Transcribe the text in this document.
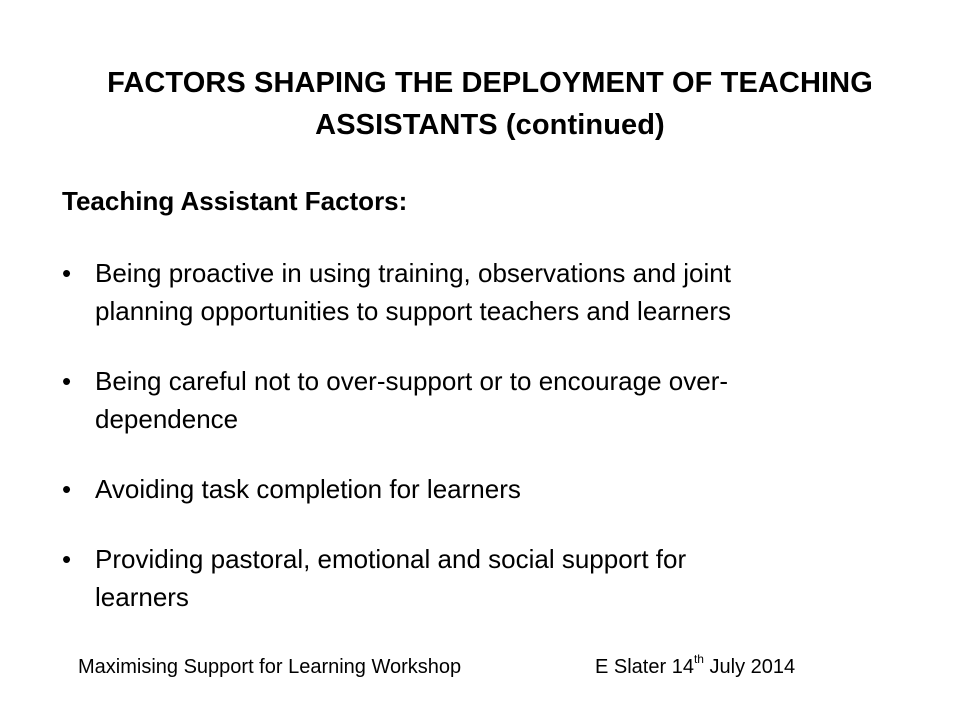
FACTORS SHAPING THE DEPLOYMENT OF TEACHING
ASSISTANTS (continued)
Teaching Assistant Factors:
• Being proactive in using training, observations and joint
planning opportunities to support teachers and learners
• Being careful not to over-support or to encourage over-
dependence
• Avoiding task completion for learners
• Providing pastoral, emotional and social support for
learners
Maximising Support for Learning Workshop	E Slater 14th July 2014
